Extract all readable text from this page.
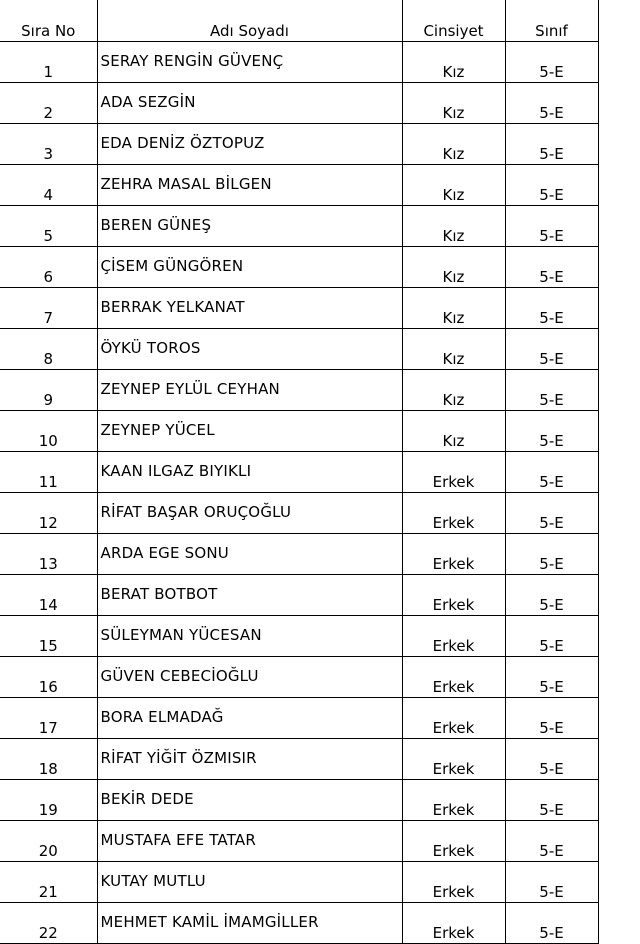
Sıra No	Adı Soyadı	Cinsiyet	Sınıf	
1	SERAY RENGİN GÜVENÇ	Kız	5-E	
2	ADA SEZGİN	Kız	5-E	
3	EDA DENİZ ÖZTOPUZ	Kız	5-E	
4	ZEHRA MASAL BİLGEN	Kız	5-E	
5	BEREN GÜNEŞ	Kız	5-E	
6	ÇİSEM GÜNGÖREN	Kız	5-E	
7	BERRAK YELKANAT	Kız	5-E	
8	ÖYKÜ TOROS	Kız	5-E	
9	ZEYNEP EYLÜL CEYHAN	Kız	5-E	
10	ZEYNEP YÜCEL	Kız	5-E	
11	KAAN ILGAZ BIYIKLI	Erkek	5-E	
12	RİFAT BAŞAR ORUÇOĞLU	Erkek	5-E	
13	ARDA EGE SONU	Erkek	5-E	
14	BERAT BOTBOT	Erkek	5-E	
15	SÜLEYMAN YÜCESAN	Erkek	5-E	
16	GÜVEN CEBECİOĞLU	Erkek	5-E	
17	BORA ELMADAĞ	Erkek	5-E	
18	RİFAT YİĞİT ÖZMISIR	Erkek	5-E	
19	BEKİR DEDE	Erkek	5-E	
20	MUSTAFA EFE TATAR	Erkek	5-E	
21	KUTAY MUTLU	Erkek	5-E	
22	MEHMET KAMİL İMAMGİLLER	Erkek	5-E	
